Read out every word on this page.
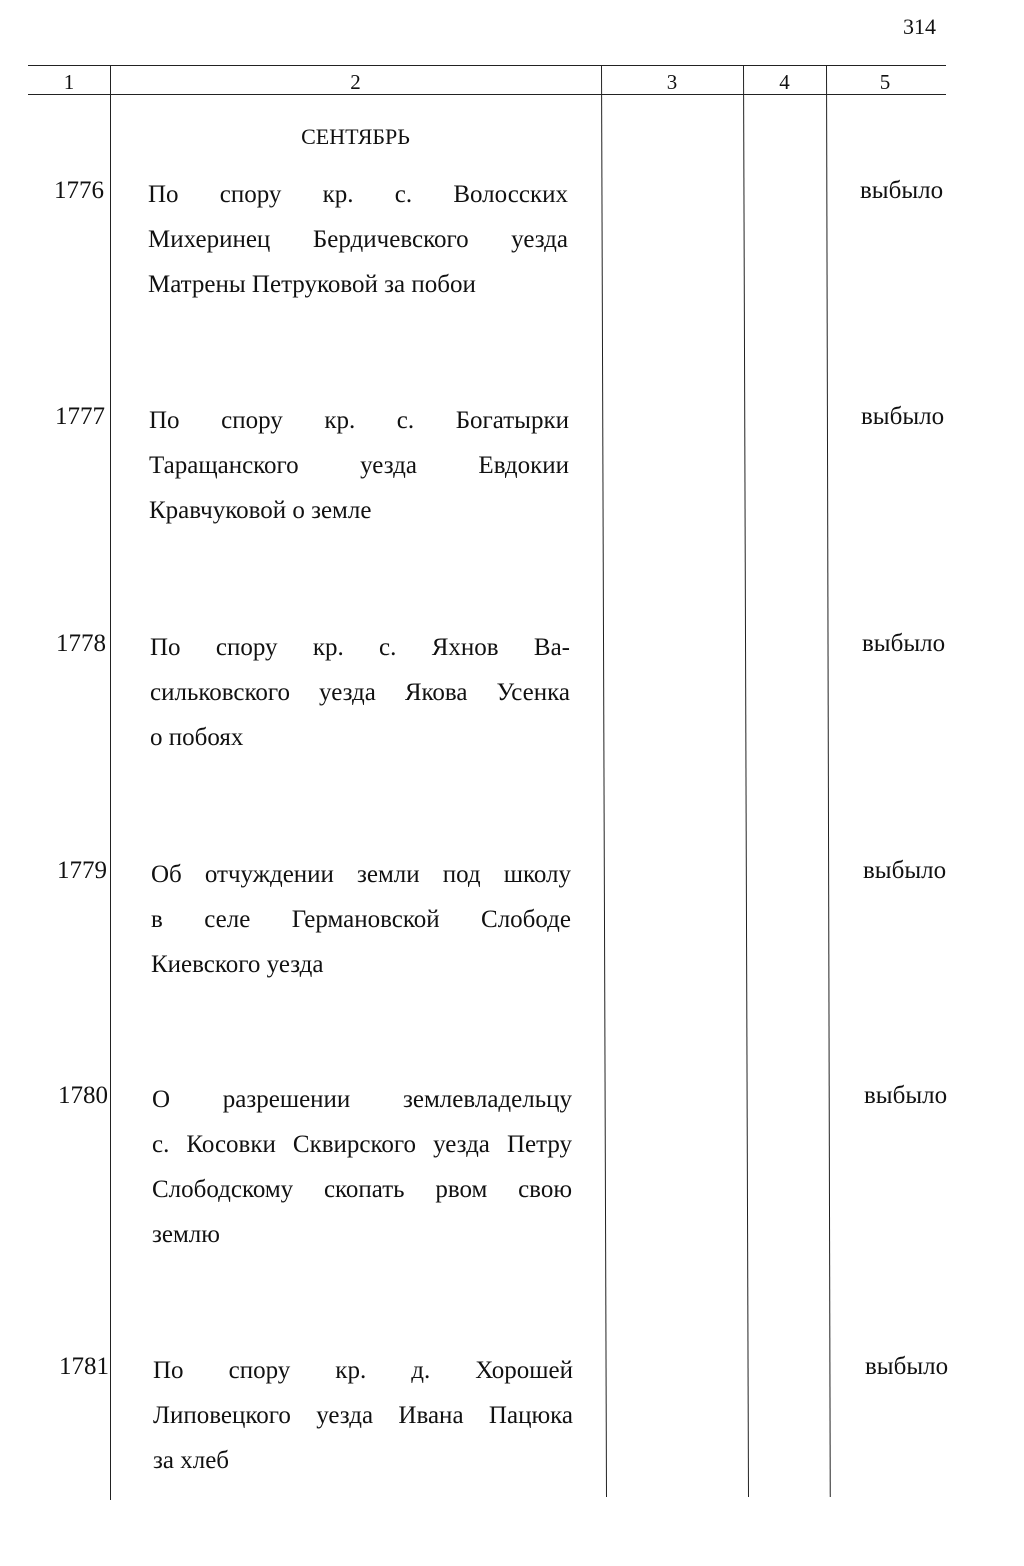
314
1	2	3	4	5
СЕНТЯБРЬ
1776 По спору кр. с. Волосских
Михеринец Бердичевского уезда
Матрены Петруковой за побои
выбыло
1777 По спору кр. с. Богатырки
Таращанского уезда Евдокии
Кравчуковой о земле
выбыло
1778 По спору кр. с. Яхнов Ва-
сильковского уезда Якова Усенка
о побоях
выбыло
1779 Об отчуждении земли под школу
в селе Германовской Слободе
Киевского уезда
выбыло
1780 О разрешении землевладельцу
с. Косовки Сквирского уезда Петру
Слободскому скопать рвом свою
землю
выбыло
1781 По спору кр. д. Хорошей
Липовецкого уезда Ивана Пацюка
за хлеб
выбыло
